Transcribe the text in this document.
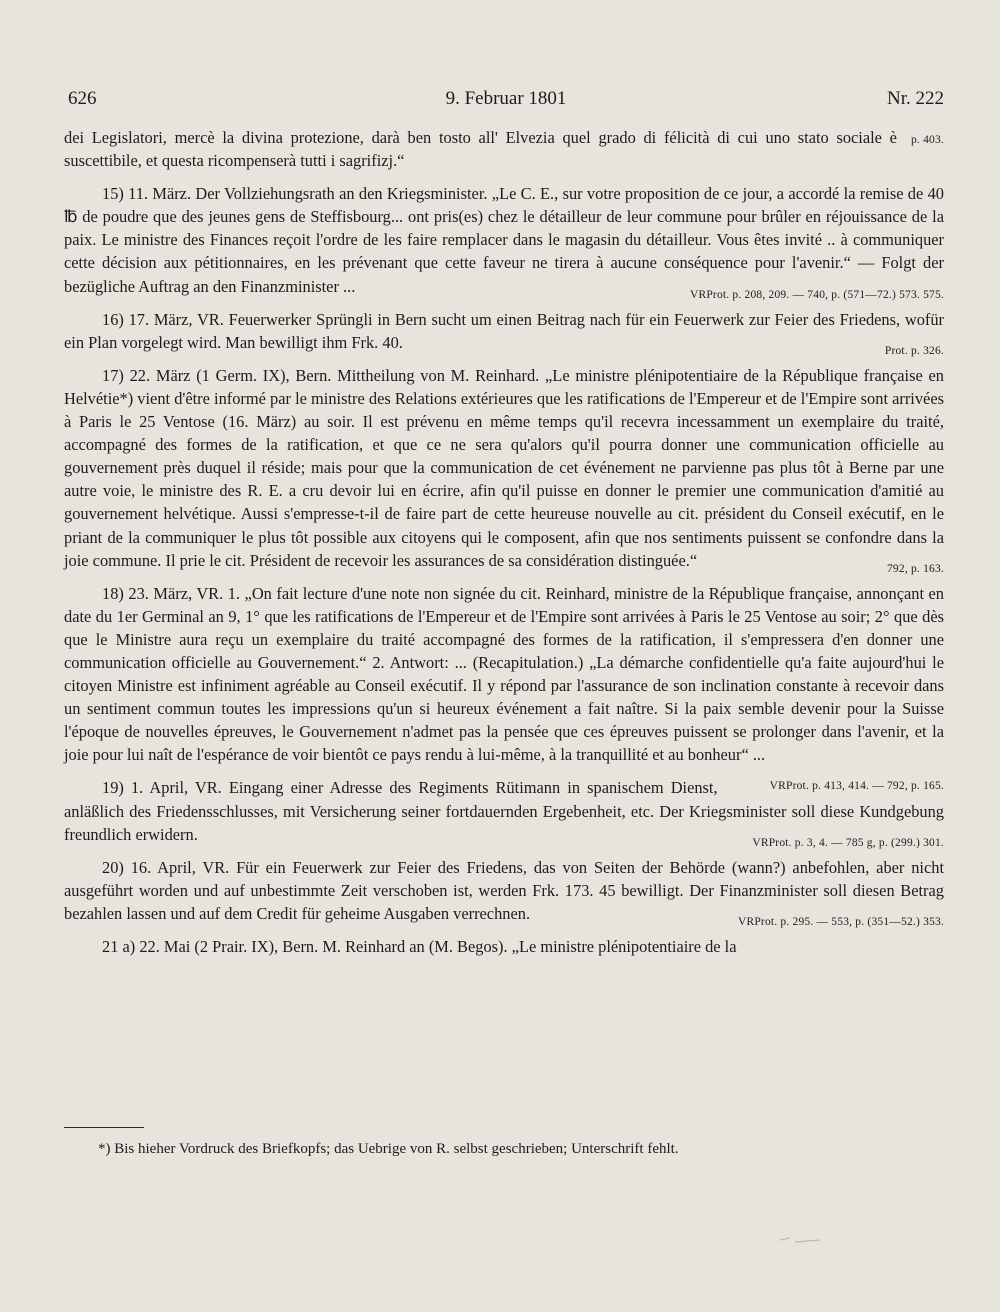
626	9. Februar 1801	Nr. 222

p. 403.
dei Legislatori, mercè la divina protezione, darà ben tosto all' Elvezia quel grado di félicità di cui uno stato sociale è suscettibile, et questa ricompenserà tutti i sagrifizj.“

15) 11. März. Der Vollziehungsrath an den Kriegsminister. „Le C. E., sur votre proposition de ce jour, a accordé la remise de 40 ℔ de poudre que des jeunes gens de Steffisbourg... ont pris(es) chez le détailleur de leur commune pour brûler en réjouissance de la paix. Le ministre des Finances reçoit l'ordre de les faire remplacer dans le magasin du détailleur. Vous êtes invité .. à communiquer cette décision aux pétitionnaires, en les prévenant que cette faveur ne tirera à aucune conséquence pour l'avenir.“ — Folgt der bezügliche Auftrag an den Finanzminister ...	VRProt. p. 208, 209. — 740, p. (571—72.) 573. 575.

16) 17. März, VR. Feuerwerker Sprüngli in Bern sucht um einen Beitrag nach für ein Feuerwerk zur Feier des Friedens, wofür ein Plan vorgelegt wird. Man bewilligt ihm Frk. 40.	Prot. p. 326.

17) 22. März (1 Germ. IX), Bern. Mittheilung von M. Reinhard. „Le ministre plénipotentiaire de la République française en Helvétie*) vient d'être informé par le ministre des Relations extérieures que les ratifications de l'Empereur et de l'Empire sont arrivées à Paris le 25 Ventose (16. März) au soir. Il est prévenu en même temps qu'il recevra incessamment un exemplaire du traité, accompagné des formes de la ratification, et que ce ne sera qu'alors qu'il pourra donner une communication officielle au gouvernement près duquel il réside; mais pour que la communication de cet événement ne parvienne pas plus tôt à Berne par une autre voie, le ministre des R. E. a cru devoir lui en écrire, afin qu'il puisse en donner le premier une communication d'amitié au gouvernement helvétique. Aussi s'empresse-t-il de faire part de cette heureuse nouvelle au cit. président du Conseil exécutif, en le priant de la communiquer le plus tôt possible aux citoyens qui le composent, afin que nos sentiments puissent se confondre dans la joie commune. Il prie le cit. Président de recevoir les assurances de sa considération distinguée.“	792, p. 163.

18) 23. März, VR. 1. „On fait lecture d'une note non signée du cit. Reinhard, ministre de la République française, annonçant en date du 1er Germinal an 9, 1° que les ratifications de l'Empereur et de l'Empire sont arrivées à Paris le 25 Ventose au soir; 2° que dès que le Ministre aura reçu un exemplaire du traité accompagné des formes de la ratification, il s'empressera d'en donner une communication officielle au Gouvernement.“ 2. Antwort: ... (Recapitulation.) „La démarche confidentielle qu'a faite aujourd'hui le citoyen Ministre est infiniment agréable au Conseil exécutif. Il y répond par l'assurance de son inclination constante à recevoir dans un sentiment commun toutes les impressions qu'un si heureux événement a fait naître. Si la paix semble devenir pour la Suisse l'époque de nouvelles épreuves, le Gouvernement n'admet pas la pensée que ces épreuves puissent se prolonger dans l'avenir, et la joie pour lui naît de l'espérance de voir bientôt ce pays rendu à lui-même, à la tranquillité et au bonheur“ ...
VRProt. p. 413, 414. — 792, p. 165.

19) 1. April, VR. Eingang einer Adresse des Regiments Rütimann in spanischem Dienst, anläßlich des Friedensschlusses, mit Versicherung seiner fortdauernden Ergebenheit, etc. Der Kriegsminister soll diese Kundgebung freundlich erwidern.	VRProt. p. 3, 4. — 785 g, p. (299.) 301.

20) 16. April, VR. Für ein Feuerwerk zur Feier des Friedens, das von Seiten der Behörde (wann?) anbefohlen, aber nicht ausgeführt worden und auf unbestimmte Zeit verschoben ist, werden Frk. 173. 45 bewilligt. Der Finanzminister soll diesen Betrag bezahlen lassen und auf dem Credit für geheime Ausgaben verrechnen.	VRProt. p. 295. — 553, p. (351—52.) 353.

21 a) 22. Mai (2 Prair. IX), Bern. M. Reinhard an (M. Begos). „Le ministre plénipotentiaire de la

*) Bis hieher Vordruck des Briefkopfs; das Uebrige von R. selbst geschrieben; Unterschrift fehlt.
